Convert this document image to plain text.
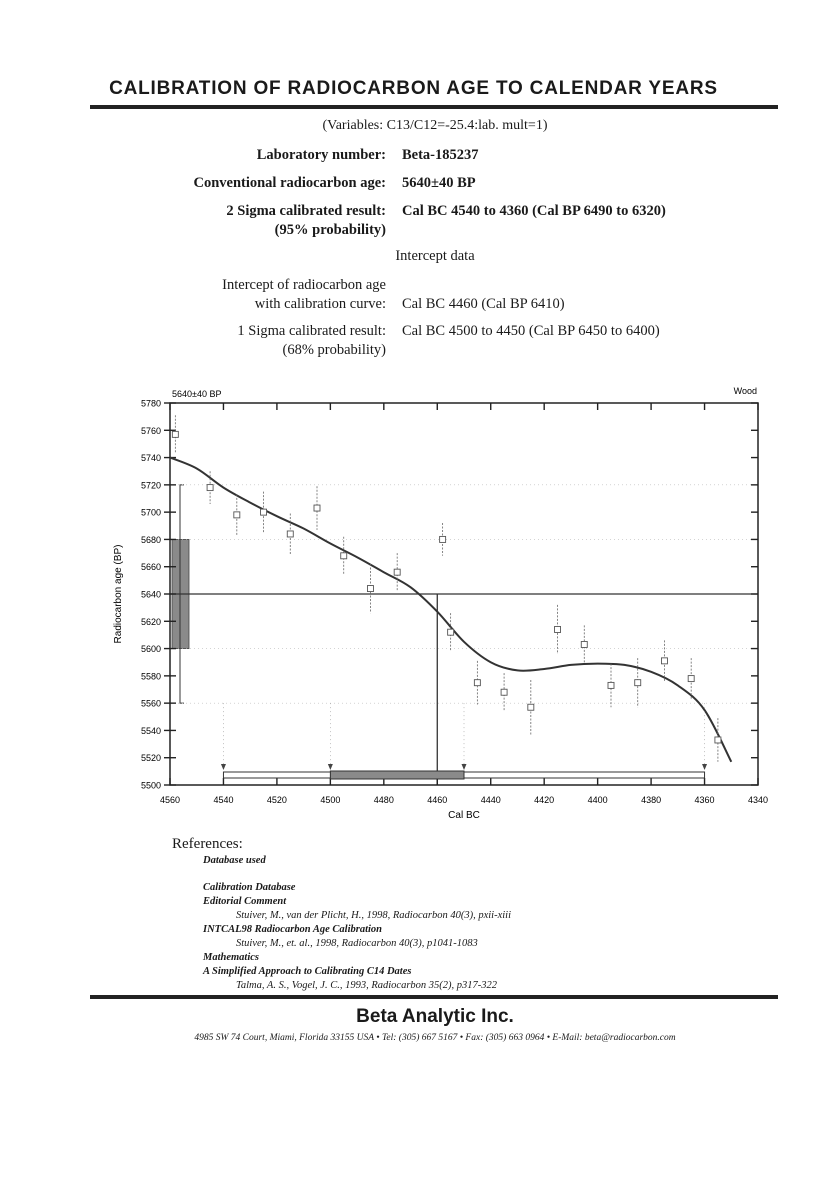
CALIBRATION OF RADIOCARBON AGE TO CALENDAR YEARS
(Variables: C13/C12=-25.4:lab. mult=1)
Laboratory number: Beta-185237
Conventional radiocarbon age: 5640±40 BP
2 Sigma calibrated result:
(95% probability)
Cal BC 4540 to 4360 (Cal BP 6490 to 6320)
Intercept data
Intercept of radiocarbon age
with calibration curve: Cal BC 4460 (Cal BP 6410)
1 Sigma calibrated result:
(68% probability)
Cal BC 4500 to 4450 (Cal BP 6450 to 6400)
4560	4540	4520	4500	4480	4460	4440	4420	4400	4380	4360	4340
5500
5520
5540
5560
5580
5600
5620
5640
5660
5680
5700
5720
5740
5760
5780
5640±40 BP	Wood
Cal BC
Radiocarbon age (BP)
References:
Database used
Calibration Database
Editorial Comment
Stuiver, M., van der Plicht, H., 1998, Radiocarbon 40(3), pxii-xiii
INTCAL98 Radiocarbon Age Calibration
Stuiver, M., et. al., 1998, Radiocarbon 40(3), p1041-1083
Mathematics
A Simplified Approach to Calibrating C14 Dates
Talma, A. S., Vogel, J. C., 1993, Radiocarbon 35(2), p317-322
Beta Analytic Inc.
4985 SW 74 Court, Miami, Florida 33155 USA • Tel: (305) 667 5167 • Fax: (305) 663 0964 • E-Mail: beta@radiocarbon.com
